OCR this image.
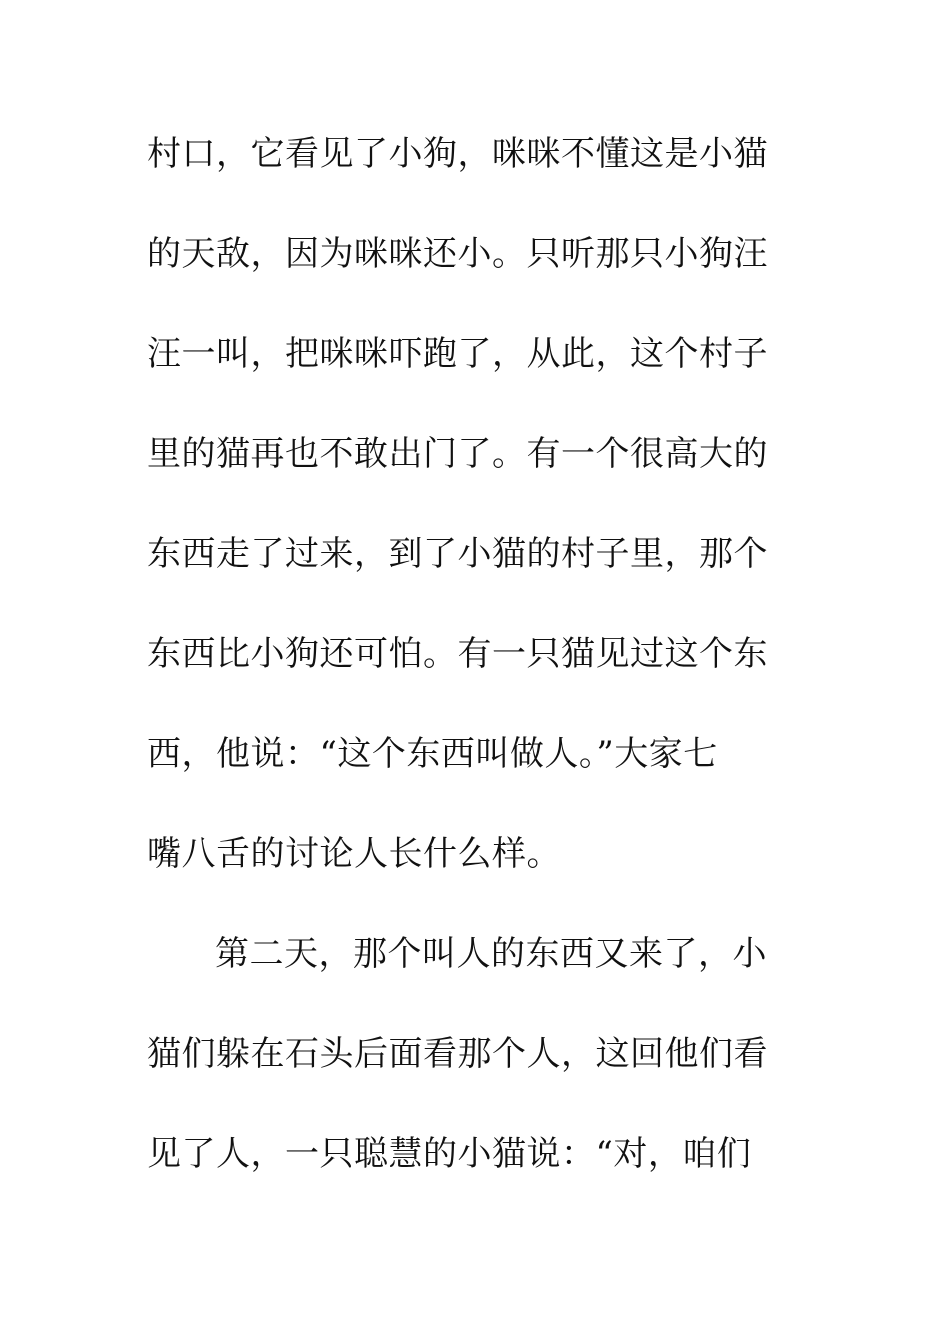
村口，它看见了小狗，咪咪不懂这是小猫
的天敌，因为咪咪还小。只听那只小狗汪
汪一叫，把咪咪吓跑了，从此，这个村子
里的猫再也不敢出门了。有一个很高大的
东西走了过来，到了小猫的村子里，那个
东西比小狗还可怕。有一只猫见过这个东
西，他说：“这个东西叫做人。”大家七
嘴八舌的讨论人长什么样。
第二天，那个叫人的东西又来了，小
猫们躲在石头后面看那个人，这回他们看
见了人，一只聪慧的小猫说：“对，咱们
